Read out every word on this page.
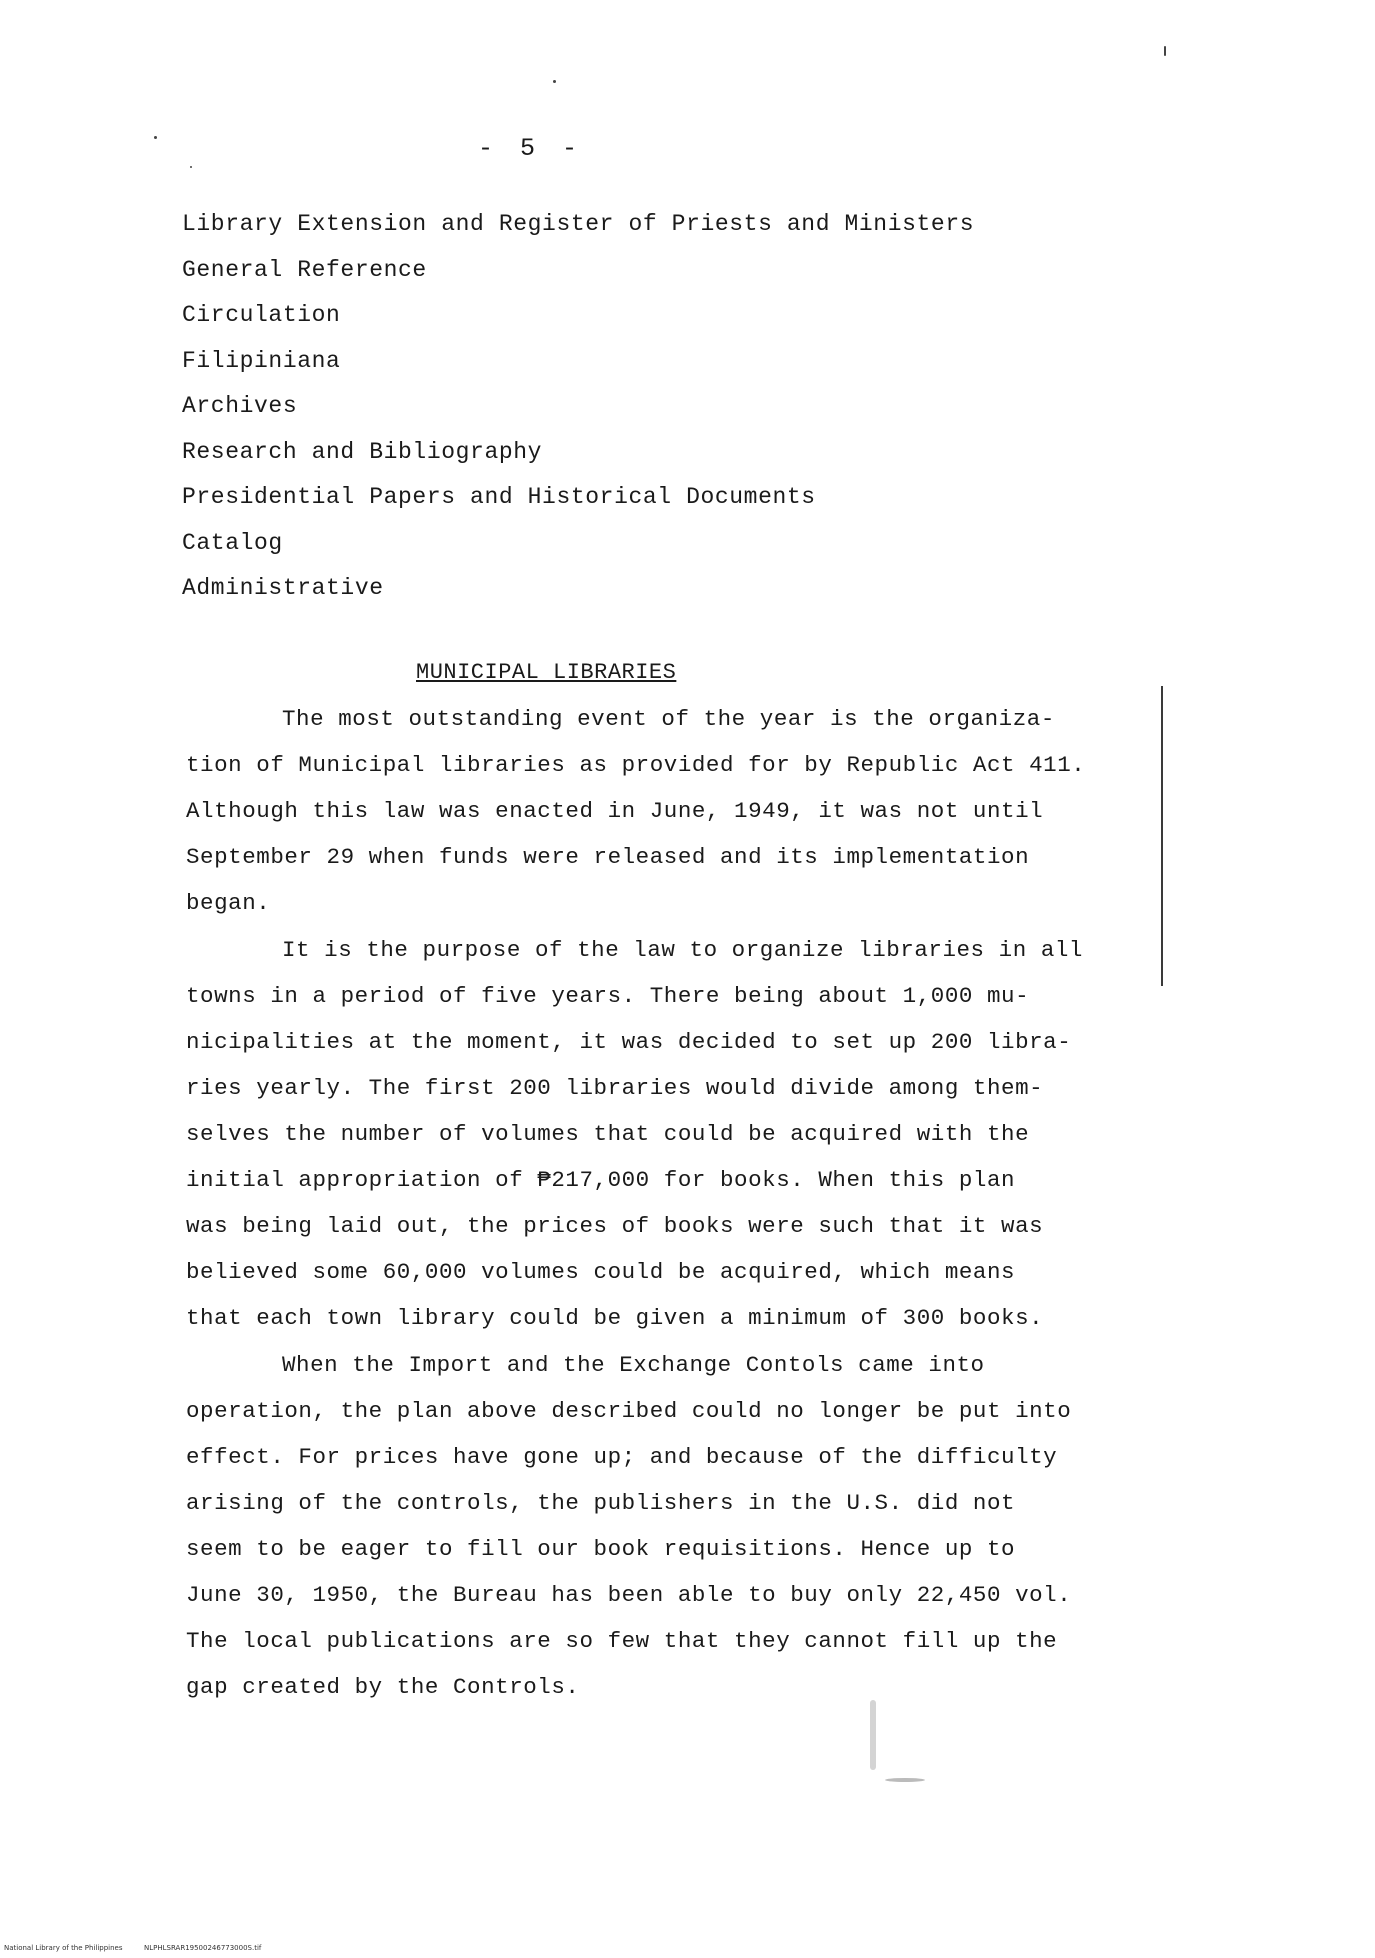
- 5 -
Library Extension and Register of Priests and Ministers
General Reference
Circulation
Filipiniana
Archives
Research and Bibliography
Presidential Papers and Historical Documents
Catalog
Administrative
MUNICIPAL LIBRARIES
The most outstanding event of the year is the organiza-
tion of Municipal libraries as provided for by Republic Act 411.
Although this law was enacted in June, 1949, it was not until
September 29 when funds were released and its implementation
began.
It is the purpose of the law to organize libraries in all
towns in a period of five years. There being about 1,000 mu-
nicipalities at the moment, it was decided to set up 200 libra-
ries yearly. The first 200 libraries would divide among them-
selves the number of volumes that could be acquired with the
initial appropriation of ₱217,000 for books. When this plan
was being laid out, the prices of books were such that it was
believed some 60,000 volumes could be acquired, which means
that each town library could be given a minimum of 300 books.
When the Import and the Exchange Contols came into
operation, the plan above described could no longer be put into
effect. For prices have gone up; and because of the difficulty
arising of the controls, the publishers in the U.S. did not
seem to be eager to fill our book requisitions. Hence up to
June 30, 1950, the Bureau has been able to buy only 22,450 vol.
The local publications are so few that they cannot fill up the
gap created by the Controls.
National Library of the Philippines	NLPHLSRAR19500246773000S.tif
